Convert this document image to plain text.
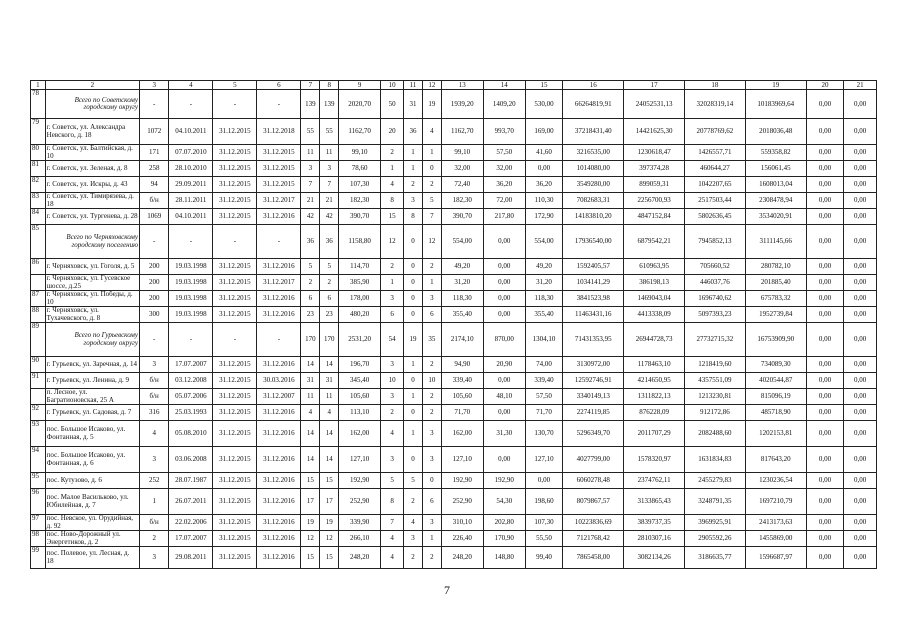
1	2	3	4	5	6	7	8	9	10	11	12	13	14	15	16	17	18	19	20	21
78	Всего по Советскому городскому округу	-	-	-	-	139	139	2020,70	50	31	19	1939,20	1409,20	530,00	66264819,91	24052531,13	32028319,14	10183969,64	0,00	0,00
79	г. Советск, ул. Александра Невского, д. 18	1072	04.10.2011	31.12.2015	31.12.2018	55	55	1162,70	20	36	4	1162,70	993,70	169,00	37218431,40	14421625,30	20778769,62	2018036,48	0,00	0,00
80	г. Советск, ул. Балтийская, д. 10	171	07.07.2010	31.12.2015	31.12.2015	11	11	99,10	2	1	1	99,10	57,50	41,60	3216535,00	1230618,47	1426557,71	559358,82	0,00	0,00
81	г. Советск, ул. Зеленая, д. 8	258	28.10.2010	31.12.2015	31.12.2015	3	3	78,60	1	1	0	32,00	32,00	0,00	1014080,00	397374,28	460644,27	156061,45	0,00	0,00
82	г. Советск, ул. Искры, д. 43	94	29.09.2011	31.12.2015	31.12.2015	7	7	107,30	4	2	2	72,40	36,20	36,20	3549280,00	899059,31	1042207,65	1608013,04	0,00	0,00
83	г. Советск, ул. Тимирязева, д. 18	б/н	28.11.2011	31.12.2015	31.12.2017	21	21	182,30	8	3	5	182,30	72,00	110,30	7082683,31	2256700,93	2517503,44	2308478,94	0,00	0,00
84	г. Советск, ул. Тургенева, д. 28	1069	04.10.2011	31.12.2015	31.12.2016	42	42	390,70	15	8	7	390,70	217,80	172,90	14183810,20	4847152,84	5802636,45	3534020,91	0,00	0,00
85	Всего по Черняховскому городскому поселению	-	-	-	-	36	36	1158,80	12	0	12	554,00	0,00	554,00	17936540,00	6879542,21	7945852,13	3111145,66	0,00	0,00
86	г. Черняховск, ул. Гоголя, д. 5	200	19.03.1998	31.12.2015	31.12.2016	5	5	114,70	2	0	2	49,20	0,00	49,20	1592405,57	610963,95	705660,52	280782,10	0,00	0,00
	г. Черняховск, ул. Гусевское шоссе, д.25	200	19.03.1998	31.12.2015	31.12.2017	2	2	385,90	1	0	1	31,20	0,00	31,20	1034141,29	386198,13	446037,76	201885,40	0,00	0,00
87	г. Черняховск, ул. Победы, д. 10	200	19.03.1998	31.12.2015	31.12.2016	6	6	178,00	3	0	3	118,30	0,00	118,30	3841523,98	1469043,04	1696740,62	675783,32	0,00	0,00
88	г. Черняховск, ул. Тухачевского, д. 8	300	19.03.1998	31.12.2015	31.12.2016	23	23	480,20	6	0	6	355,40	0,00	355,40	11463431,16	4413338,09	5097393,23	1952739,84	0,00	0,00
89	Всего по Гурьевскому городскому округу	-	-	-	-	170	170	2531,20	54	19	35	2174,10	870,00	1304,10	71431353,95	26944728,73	27732715,32	16753909,90	0,00	0,00
90	г. Гурьевск, ул. Заречная, д. 14	3	17.07.2007	31.12.2015	31.12.2016	14	14	196,70	3	1	2	94,90	20,90	74,00	3130972,00	1178463,10	1218419,60	734089,30	0,00	0,00
91	г. Гурьевск, ул. Ленина, д. 9	б/н	03.12.2008	31.12.2015	30.03.2016	31	31	345,40	10	0	10	339,40	0,00	339,40	12592746,91	4214650,95	4357551,09	4020544,87	0,00	0,00
	п. Лесное, ул. Багратионовская, 25 А	б/н	05.07.2006	31.12.2015	31.12.2007	11	11	105,60	3	1	2	105,60	48,10	57,50	3340149,13	1311822,13	1213230,81	815096,19	0,00	0,00
92	г. Гурьевск, ул. Садовая, д. 7	316	25.03.1993	31.12.2015	31.12.2016	4	4	113,10	2	0	2	71,70	0,00	71,70	2274119,85	876228,09	912172,86	485718,90	0,00	0,00
93	пос. Большое Исаково, ул. Фонтанная, д. 5	4	05.08.2010	31.12.2015	31.12.2016	14	14	162,00	4	1	3	162,00	31,30	130,70	5296349,70	2011707,29	2082488,60	1202153,81	0,00	0,00
94	пос. Большое Исаково, ул. Фонтанная, д. 6	3	03.06.2008	31.12.2015	31.12.2016	14	14	127,10	3	0	3	127,10	0,00	127,10	4027799,00	1578320,97	1631834,83	817643,20	0,00	0,00
95	пос. Кутузово, д. 6	252	28.07.1987	31.12.2015	31.12.2016	15	15	192,90	5	5	0	192,90	192,90	0,00	6060278,48	2374762,11	2455279,83	1230236,54	0,00	0,00
96	пос. Малое Васильково, ул. Юбилейная, д. 7	1	26.07.2011	31.12.2015	31.12.2016	17	17	252,90	8	2	6	252,90	54,30	198,60	8079867,57	3133865,43	3248791,35	1697210,79	0,00	0,00
97	пос. Невское, ул. Орудийная, д. 92	б/н	22.02.2006	31.12.2015	31.12.2016	19	19	339,90	7	4	3	310,10	202,80	107,30	10223836,69	3839737,35	3969925,91	2413173,63	0,00	0,00
98	пос. Ново-Дорожный ул. Энергетиков, д. 2	2	17.07.2007	31.12.2015	31.12.2016	12	12	266,10	4	3	1	226,40	170,90	55,50	7121768,42	2810307,16	2905592,26	1455869,00	0,00	0,00
99	пос. Полевое, ул. Лесная, д. 18	3	29.08.2011	31.12.2015	31.12.2016	15	15	248,20	4	2	2	248,20	148,80	99,40	7865458,00	3082134,26	3186635,77	1596687,97	0,00	0,00
7
